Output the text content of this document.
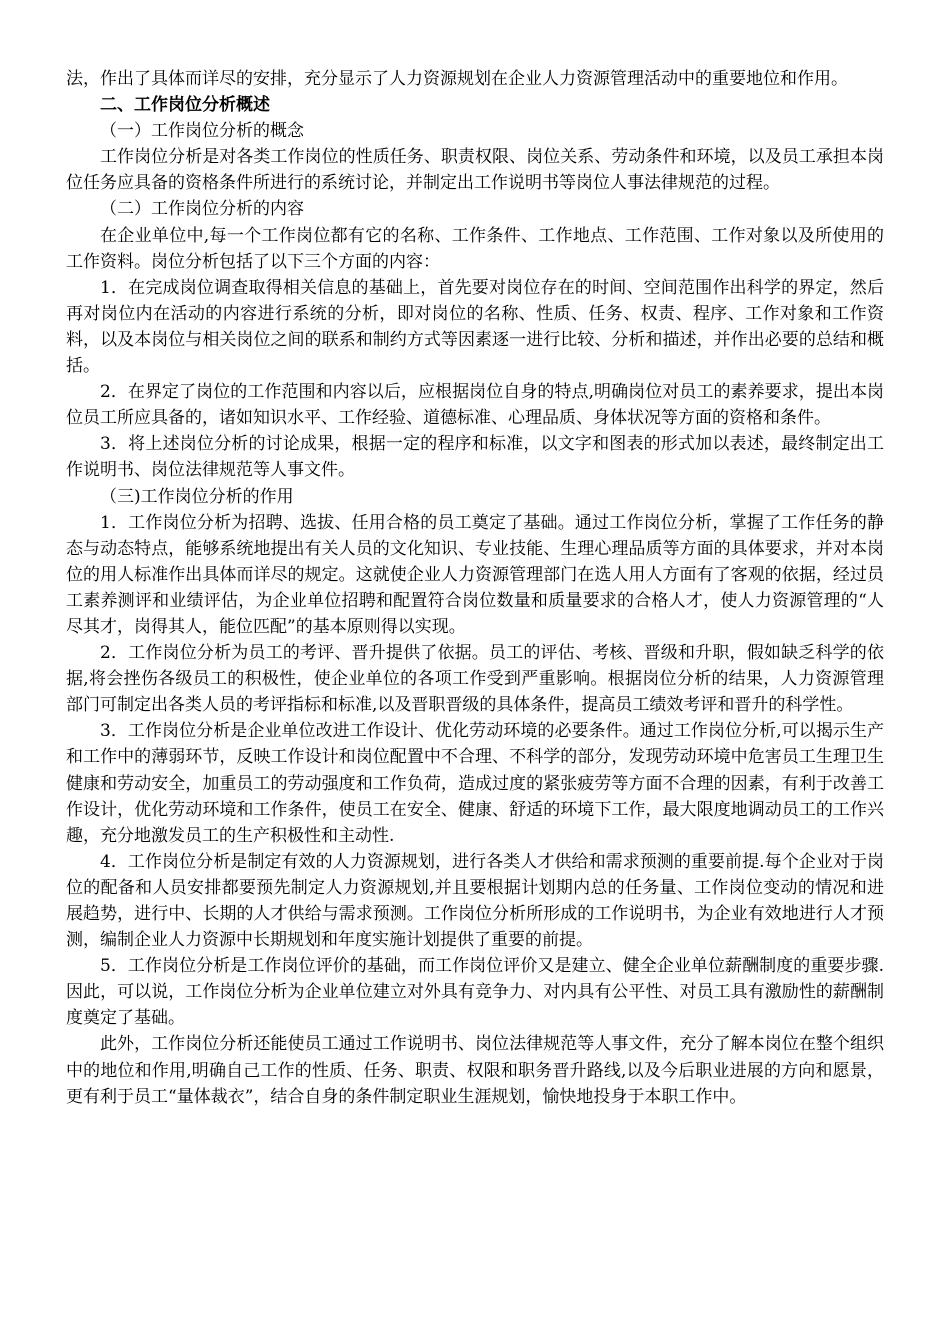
法，作出了具体而详尽的安排，充分显示了人力资源规划在企业人力资源管理活动中的重要地位和作用。

二、工作岗位分析概述

（一）工作岗位分析的概念

工作岗位分析是对各类工作岗位的性质任务、职责权限、岗位关系、劳动条件和环境，以及员工承担本岗位任务应具备的资格条件所进行的系统讨论，并制定出工作说明书等岗位人事法律规范的过程。

（二）工作岗位分析的内容

在企业单位中,每一个工作岗位都有它的名称、工作条件、工作地点、工作范围、工作对象以及所使用的工作资料。岗位分析包括了以下三个方面的内容：

1．在完成岗位调查取得相关信息的基础上，首先要对岗位存在的时间、空间范围作出科学的界定，然后再对岗位内在活动的内容进行系统的分析，即对岗位的名称、性质、任务、权责、程序、工作对象和工作资料，以及本岗位与相关岗位之间的联系和制约方式等因素逐一进行比较、分析和描述，并作出必要的总结和概括。

2．在界定了岗位的工作范围和内容以后，应根据岗位自身的特点,明确岗位对员工的素养要求，提出本岗位员工所应具备的，诸如知识水平、工作经验、道德标准、心理品质、身体状况等方面的资格和条件。

3．将上述岗位分析的讨论成果，根据一定的程序和标准，以文字和图表的形式加以表述，最终制定出工作说明书、岗位法律规范等人事文件。

（三)工作岗位分析的作用

1．工作岗位分析为招聘、选拔、任用合格的员工奠定了基础。通过工作岗位分析，掌握了工作任务的静态与动态特点，能够系统地提出有关人员的文化知识、专业技能、生理心理品质等方面的具体要求，并对本岗位的用人标准作出具体而详尽的规定。这就使企业人力资源管理部门在选人用人方面有了客观的依据，经过员工素养测评和业绩评估，为企业单位招聘和配置符合岗位数量和质量要求的合格人才，使人力资源管理的“人尽其才，岗得其人，能位匹配”的基本原则得以实现。

2．工作岗位分析为员工的考评、晋升提供了依据。员工的评估、考核、晋级和升职，假如缺乏科学的依据,将会挫伤各级员工的积极性，使企业单位的各项工作受到严重影响。根据岗位分析的结果，人力资源管理部门可制定出各类人员的考评指标和标准,以及晋职晋级的具体条件，提高员工绩效考评和晋升的科学性。

3．工作岗位分析是企业单位改进工作设计、优化劳动环境的必要条件。通过工作岗位分析,可以揭示生产和工作中的薄弱环节，反映工作设计和岗位配置中不合理、不科学的部分，发现劳动环境中危害员工生理卫生健康和劳动安全，加重员工的劳动强度和工作负荷，造成过度的紧张疲劳等方面不合理的因素，有利于改善工作设计，优化劳动环境和工作条件，使员工在安全、健康、舒适的环境下工作，最大限度地调动员工的工作兴趣，充分地激发员工的生产积极性和主动性.

4．工作岗位分析是制定有效的人力资源规划，进行各类人才供给和需求预测的重要前提.每个企业对于岗位的配备和人员安排都要预先制定人力资源规划,并且要根据计划期内总的任务量、工作岗位变动的情况和进展趋势，进行中、长期的人才供给与需求预测。工作岗位分析所形成的工作说明书，为企业有效地进行人才预测，编制企业人力资源中长期规划和年度实施计划提供了重要的前提。

5．工作岗位分析是工作岗位评价的基础，而工作岗位评价又是建立、健全企业单位薪酬制度的重要步骤.因此，可以说，工作岗位分析为企业单位建立对外具有竞争力、对内具有公平性、对员工具有激励性的薪酬制度奠定了基础。

此外，工作岗位分析还能使员工通过工作说明书、岗位法律规范等人事文件，充分了解本岗位在整个组织中的地位和作用,明确自己工作的性质、任务、职责、权限和职务晋升路线,以及今后职业进展的方向和愿景，更有利于员工“量体裁衣”，结合自身的条件制定职业生涯规划，愉快地投身于本职工作中。
